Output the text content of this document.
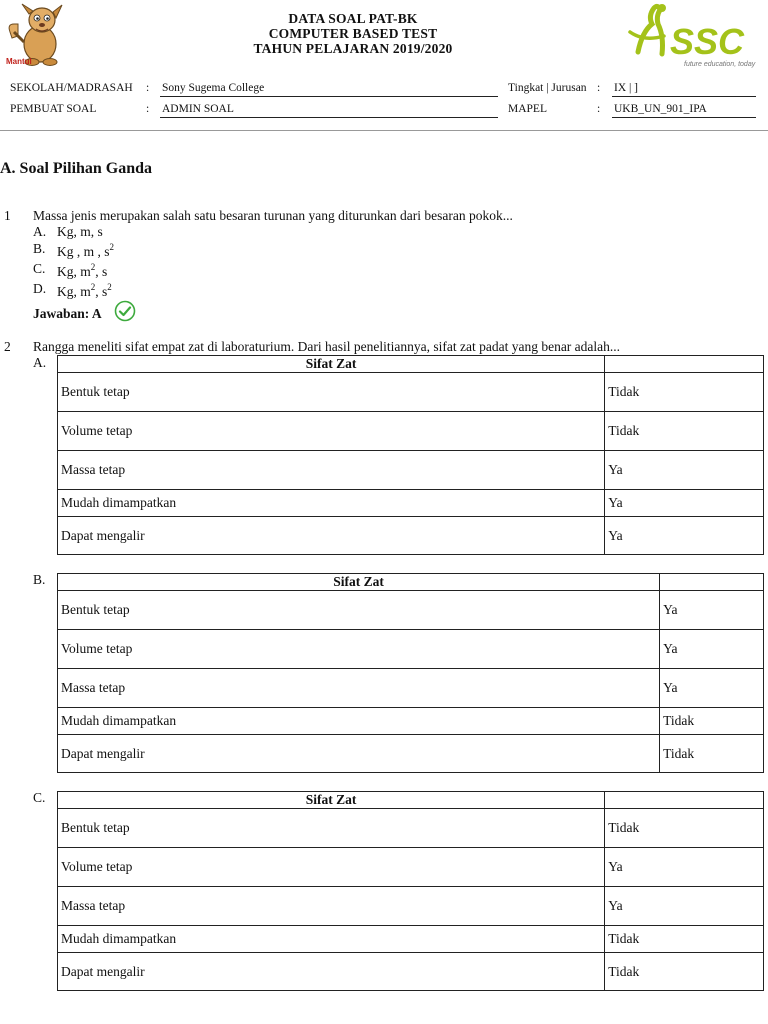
Mantul
DATA SOAL PAT-BK
COMPUTER BASED TEST
TAHUN PELAJARAN 2019/2020	SSC
future education, today
SEKOLAH/MADRASAH : Sony Sugema College
PEMBUAT SOAL	: ADMIN SOAL
Tingkat | Jurusan : IX | ]
MAPEL	: UKB_UN_901_IPA
A. Soal Pilihan Ganda
1 Massa jenis merupakan salah satu besaran turunan yang diturunkan dari besaran pokok...
A. Kg, m, s
B. Kg , m , $s^2$
C. Kg, $m^2$, s
D. Kg, $m^2$, $s^2$
Jawaban: A
2 Rangga meneliti sifat empat zat di laboraturium. Dari hasil penelitiannya, sifat zat padat yang benar adalah...
A.	Sifat Zat	
Bentuk tetap	Tidak
Volume tetap	Tidak
Massa tetap	Ya
Mudah dimampatkan	Ya
Dapat mengalir	Ya
B.	Sifat Zat	
Bentuk tetap	Ya
Volume tetap	Ya
Massa tetap	Ya
Mudah dimampatkan	Tidak
Dapat mengalir	Tidak
C.	Sifat Zat	
Bentuk tetap	Tidak
Volume tetap	Ya
Massa tetap	Ya
Mudah dimampatkan	Tidak
Dapat mengalir	Tidak
